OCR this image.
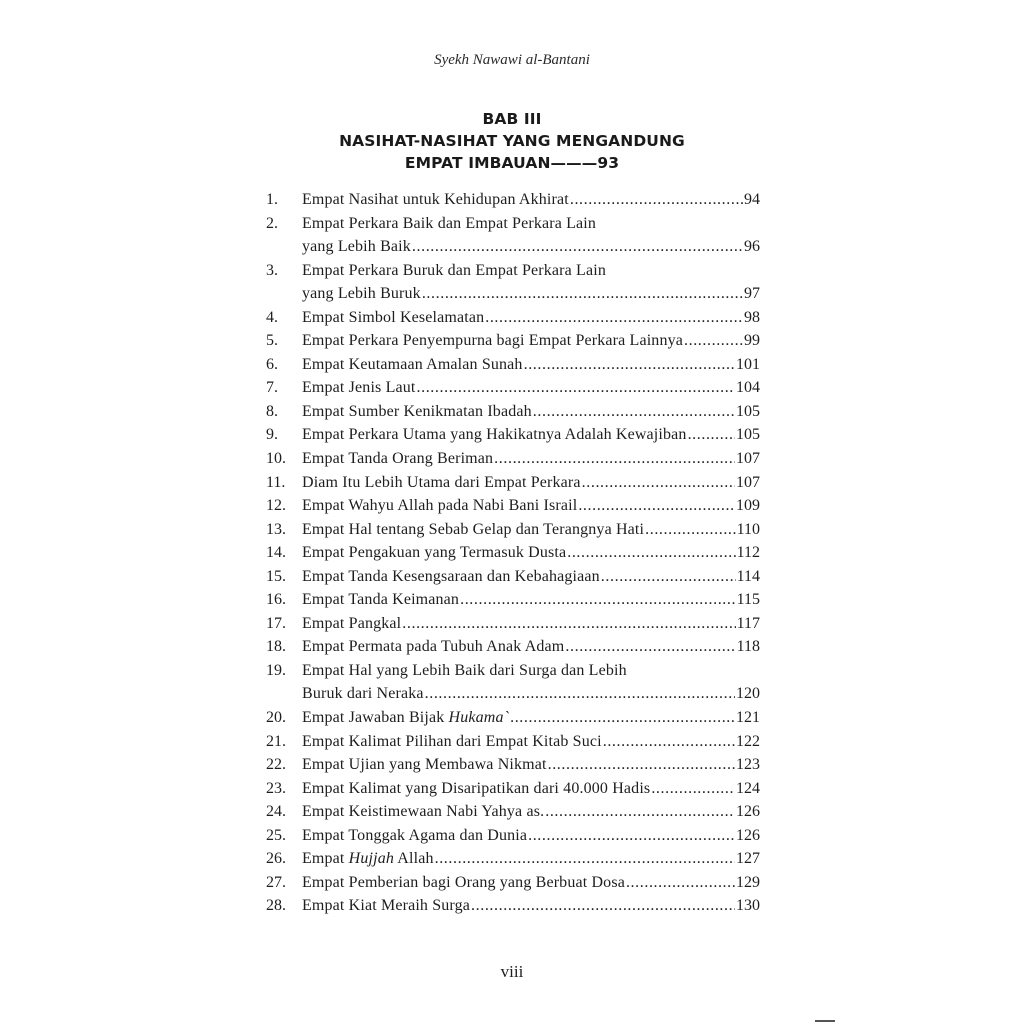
Syekh Nawawi al-Bantani
BAB III
NASIHAT-NASIHAT YANG MENGANDUNG
EMPAT IMBAUAN———93
1. Empat Nasihat untuk Kehidupan Akhirat .....	94
2. Empat Perkara Baik dan Empat Perkara Lain
yang Lebih Baik .....	96
3. Empat Perkara Buruk dan Empat Perkara Lain
yang Lebih Buruk .....	97
4. Empat Simbol Keselamatan .....	98
5. Empat Perkara Penyempurna bagi Empat Perkara Lainnya .....	99
6. Empat Keutamaan Amalan Sunah .....	101
7. Empat Jenis Laut .....	104
8. Empat Sumber Kenikmatan Ibadah .....	105
9. Empat Perkara Utama yang Hakikatnya Adalah Kewajiban .....	105
10. Empat Tanda Orang Beriman .....	107
11. Diam Itu Lebih Utama dari Empat Perkara .....	107
12. Empat Wahyu Allah pada Nabi Bani Israil .....	109
13. Empat Hal tentang Sebab Gelap dan Terangnya Hati .....	110
14. Empat Pengakuan yang Termasuk Dusta .....	112
15. Empat Tanda Kesengsaraan dan Kebahagiaan .....	114
16. Empat Tanda Keimanan .....	115
17. Empat Pangkal .....	117
18. Empat Permata pada Tubuh Anak Adam .....	118
19. Empat Hal yang Lebih Baik dari Surga dan Lebih
Buruk dari Neraka .....	120
20. Empat Jawaban Bijak Hukama` .....	121
21. Empat Kalimat Pilihan dari Empat Kitab Suci .....	122
22. Empat Ujian yang Membawa Nikmat .....	123
23. Empat Kalimat yang Disaripatikan dari 40.000 Hadis .....	124
24. Empat Keistimewaan Nabi Yahya as. .....	126
25. Empat Tonggak Agama dan Dunia .....	126
26. Empat Hujjah Allah .....	127
27. Empat Pemberian bagi Orang yang Berbuat Dosa .....	129
28. Empat Kiat Meraih Surga .....	130
viii
